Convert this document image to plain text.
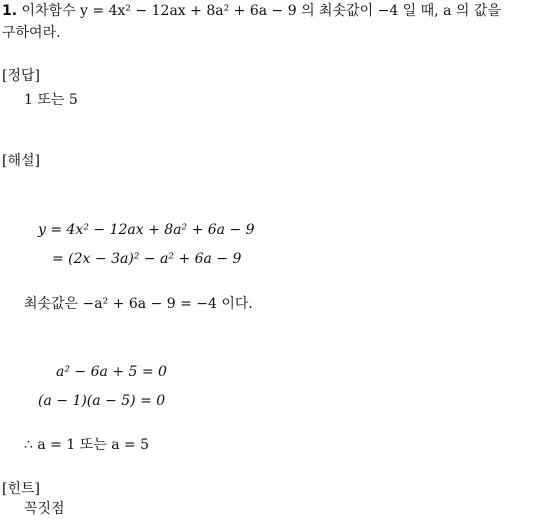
1. 이차함수 y = 4x² − 12ax + 8a² + 6a − 9 의 최솟값이 −4 일 때, a 의 값을
구하여라.
[정답]
1 또는 5
[해설]
y = 4x² − 12ax + 8a² + 6a − 9
= (2x − 3a)² − a² + 6a − 9
최솟값은 −a² + 6a − 9 = −4 이다.
a² − 6a + 5 = 0
(a − 1)(a − 5) = 0
∴ a = 1 또는 a = 5
[힌트]
꼭짓점
